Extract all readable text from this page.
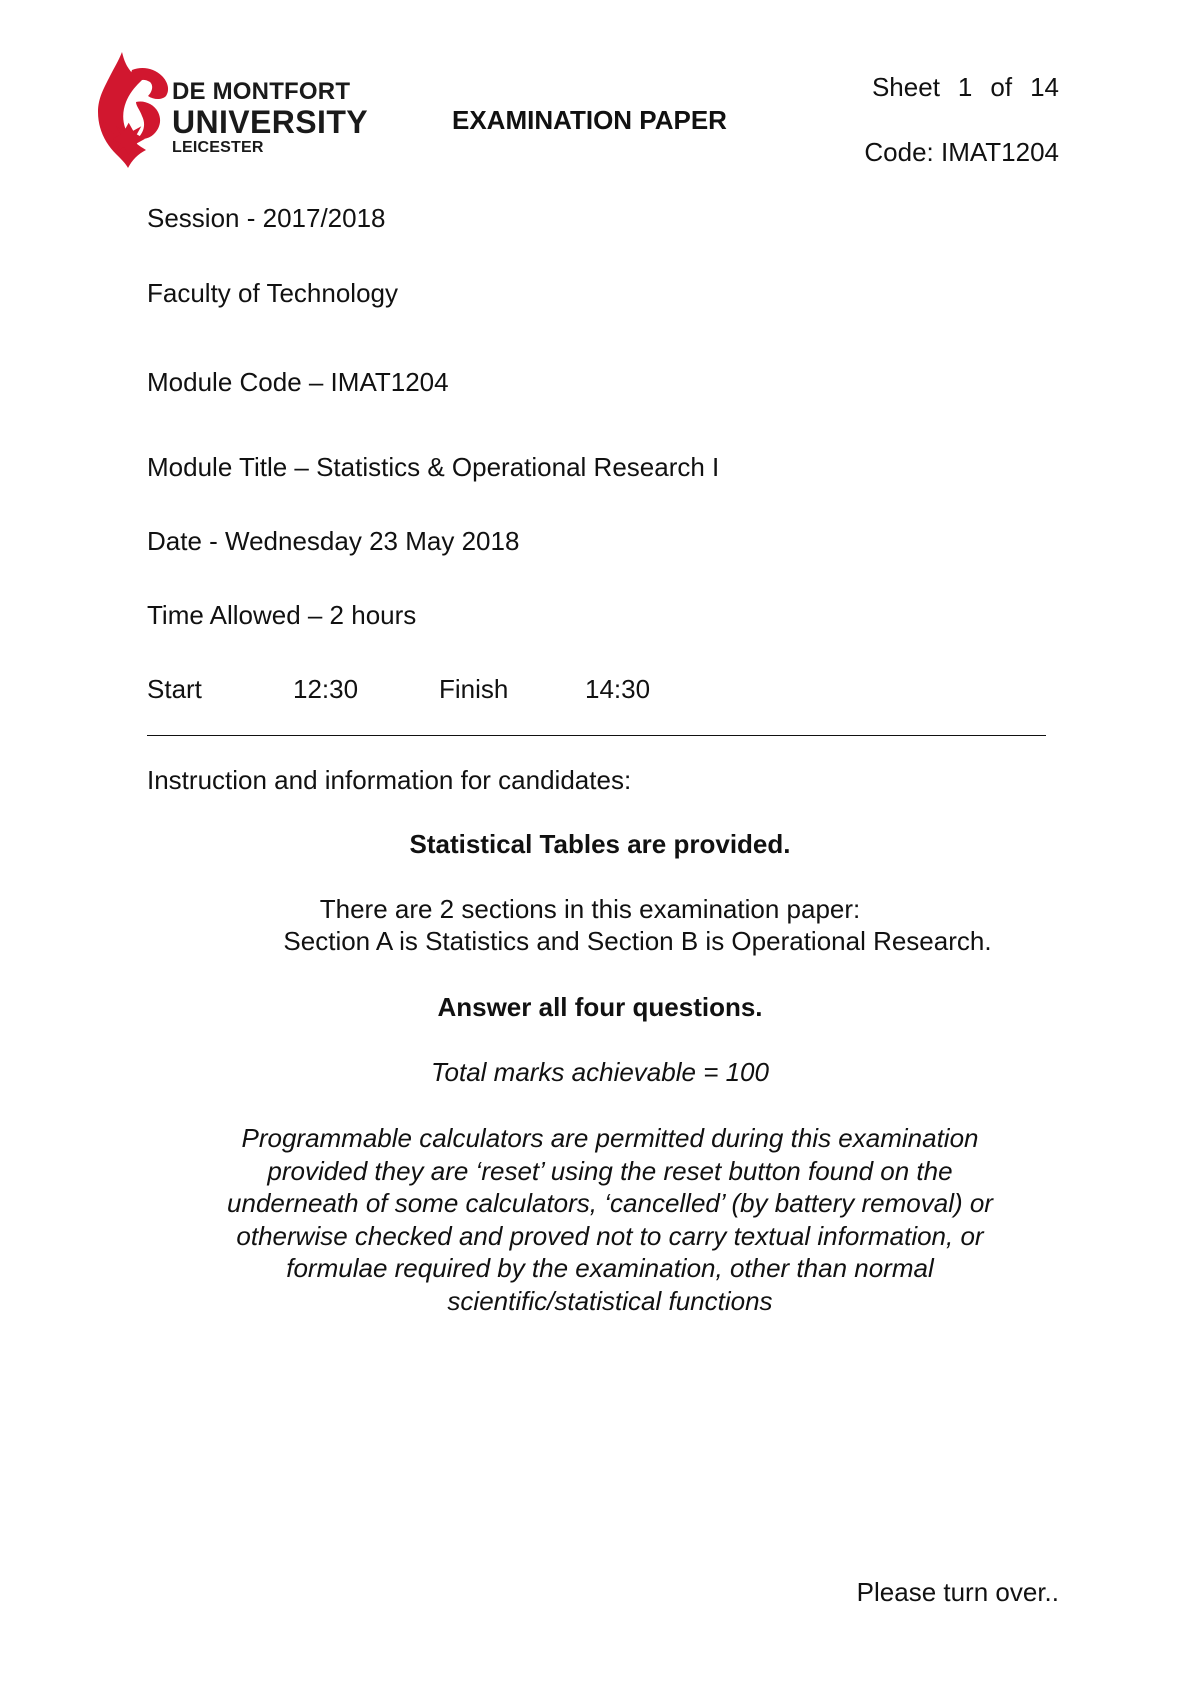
DE MONTFORT
UNIVERSITY
LEICESTER
EXAMINATION PAPER
Sheet 1 of 14
Code: IMAT1204
Session - 2017/2018
Faculty of Technology
Module Code – IMAT1204
Module Title – Statistics & Operational Research I
Date - Wednesday 23 May 2018
Time Allowed – 2 hours
Start	12:30	Finish	14:30
Instruction and information for candidates:
Statistical Tables are provided.
There are 2 sections in this examination paper:
Section A is Statistics and Section B is Operational Research.
Answer all four questions.
Total marks achievable = 100
Programmable calculators are permitted during this examination
provided they are ‘reset’ using the reset button found on the
underneath of some calculators, ‘cancelled’ (by battery removal) or
otherwise checked and proved not to carry textual information, or
formulae required by the examination, other than normal
scientific/statistical functions
Please turn over..
